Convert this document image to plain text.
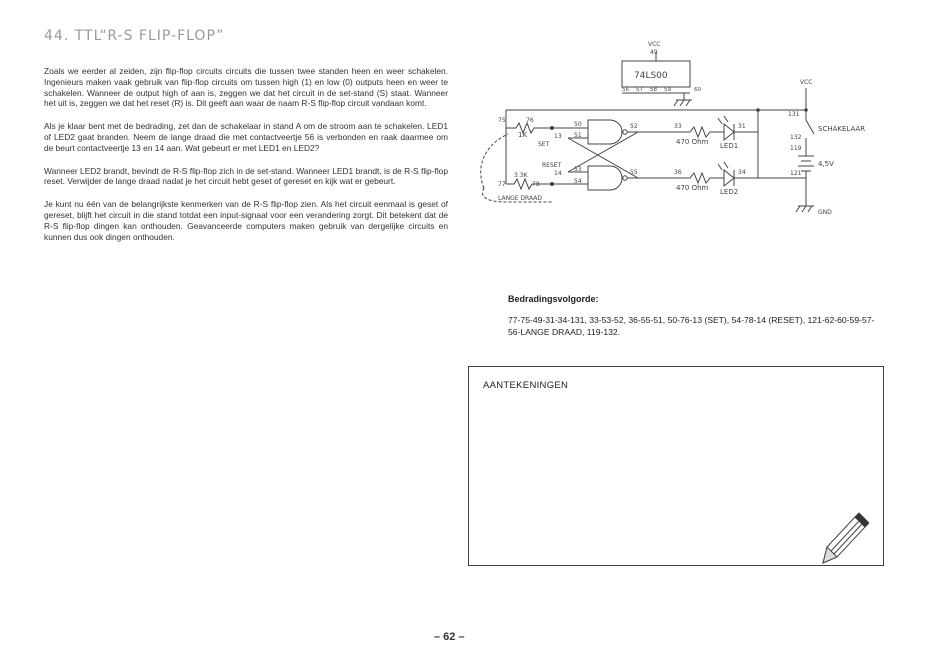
44. TTL“R-S FLIP-FLOP”

Zoals we eerder al zeiden, zijn flip-flop circuits circuits die tussen twee standen heen en weer schakelen. Ingenieurs maken vaak gebruik van flip-flop circuits om tussen high (1) en low (0) outputs heen en weer te schakelen. Wanneer de output high of aan is, zeggen we dat het circuit in de set-stand (S) staat. Wanneer het uit is, zeggen we dat het reset (R) is. Dit geeft aan waar de naam R-S flip-flop circuit vandaan komt.

Als je klaar bent met de bedrading, zet dan de schakelaar in stand A om de stroom aan te schakelen. LED1 of LED2 gaat branden. Neem de lange draad die met contactveertje 56 is verbonden en raak daarmee om de beurt contactveertje 13 en 14 aan. Wat gebeurt er met LED1 en LED2?

Wanneer LED2 brandt, bevindt de R-S flip-flop zich in de set-stand. Wanneer LED1 brandt, is de R-S flip-flop reset. Verwijder de lange draad nadat je het circuit hebt geset of gereset en kijk wat er gebeurt.

Je kunt nu één van de belangrijkste kenmerken van de R-S flip-flop zien. Als het circuit eenmaal is geset of gereset, blijft het circuit in die stand totdat een input-signaal voor een verandering zorgt. Dit betekent dat de R-S flip-flop dingen kan onthouden. Geavanceerde computers maken gebruik van dergelijke circuits en kunnen dus ook dingen onthouden.

VCC
49
74LS00
56 57 58 59	60
75	76
1K	13
SET
RESET
14
3.3K
77	78
LANGE DRAAD
50
51
53
54
52
55
33
36
31
34
470 Ohm
470 Ohm
LED1
LED2
VCC
131
132
119
121
SCHAKELAAR
4,5V
GND

Bedradingsvolgorde:

77-75-49-31-34-131, 33-53-52, 36-55-51, 50-76-13 (SET), 54-78-14 (RESET), 121-62-60-59-57-56-LANGE DRAAD, 119-132.

AANTEKENINGEN

– 62 –
